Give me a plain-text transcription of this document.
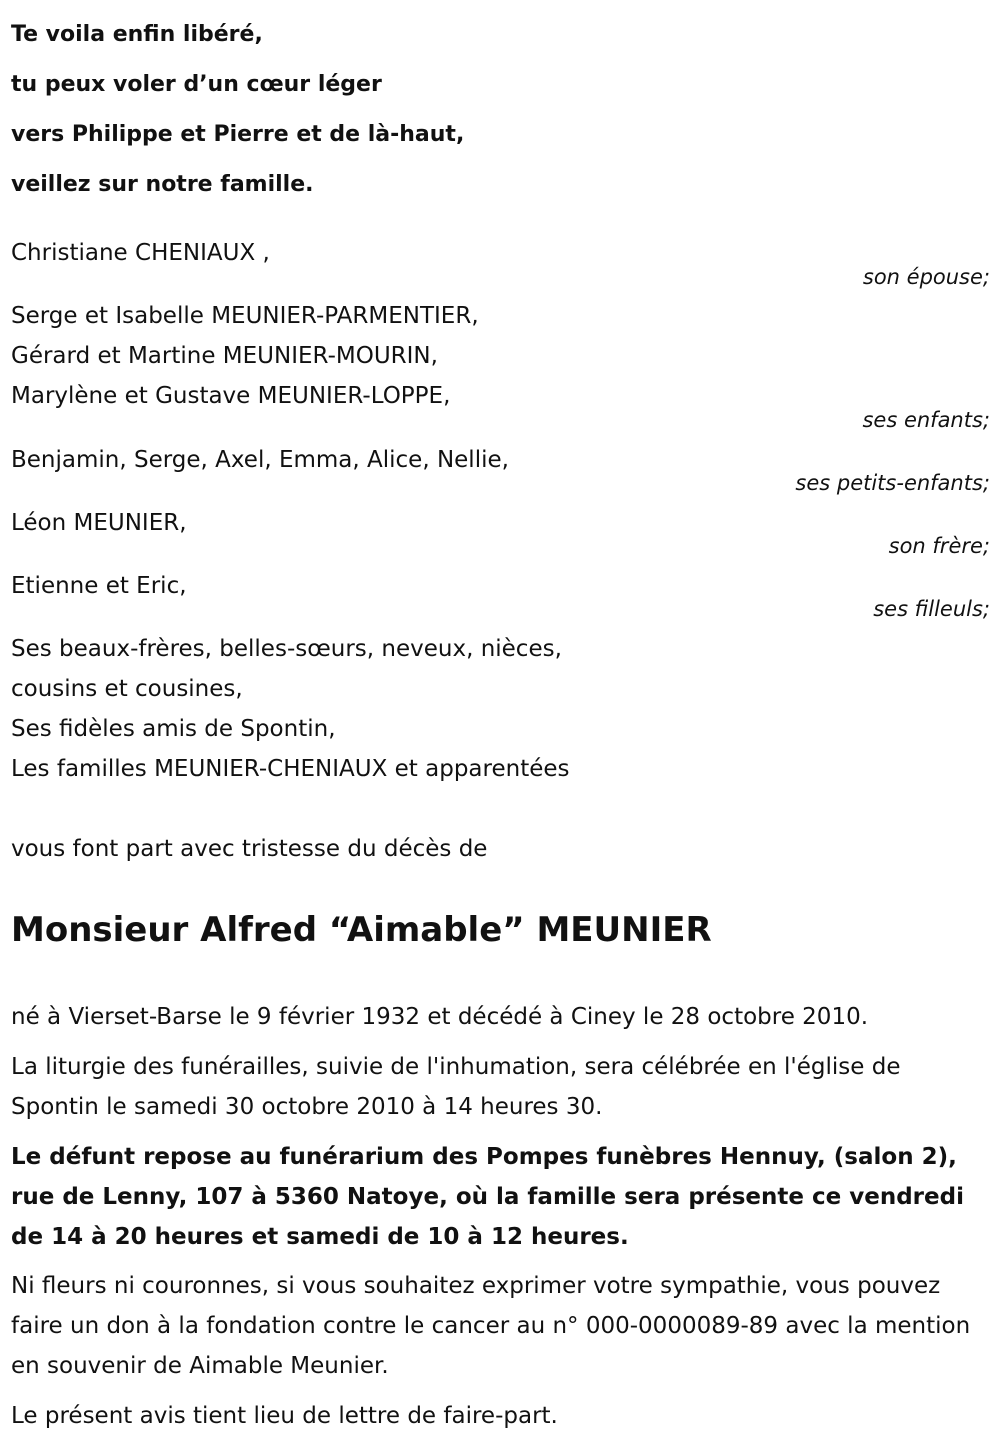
Te voila enfin libéré,
tu peux voler d’un cœur léger
vers Philippe et Pierre et de là-haut,
veillez sur notre famille.
Christiane CHENIAUX ,
son épouse;
Serge et Isabelle MEUNIER-PARMENTIER,
Gérard et Martine MEUNIER-MOURIN,
Marylène et Gustave MEUNIER-LOPPE,
ses enfants;
Benjamin, Serge, Axel, Emma, Alice, Nellie,
ses petits-enfants;
Léon MEUNIER,
son frère;
Etienne et Eric,
ses filleuls;
Ses beaux-frères, belles-sœurs, neveux, nièces,
cousins et cousines,
Ses fidèles amis de Spontin,
Les familles MEUNIER-CHENIAUX et apparentées
vous font part avec tristesse du décès de
Monsieur Alfred “Aimable” MEUNIER
né à Vierset-Barse le 9 février 1932 et décédé à Ciney le 28 octobre 2010.
La liturgie des funérailles, suivie de l'inhumation, sera célébrée en l'église de Spontin le samedi 30 octobre 2010 à 14 heures 30.
Le défunt repose au funérarium des Pompes funèbres Hennuy, (salon 2), rue de Lenny, 107 à 5360 Natoye, où la famille sera présente ce vendredi de 14 à 20 heures et samedi de 10 à 12 heures.
Ni fleurs ni couronnes, si vous souhaitez exprimer votre sympathie, vous pouvez faire un don à la fondation contre le cancer au n° 000-0000089-89 avec la mention en souvenir de Aimable Meunier.
Le présent avis tient lieu de lettre de faire-part.
